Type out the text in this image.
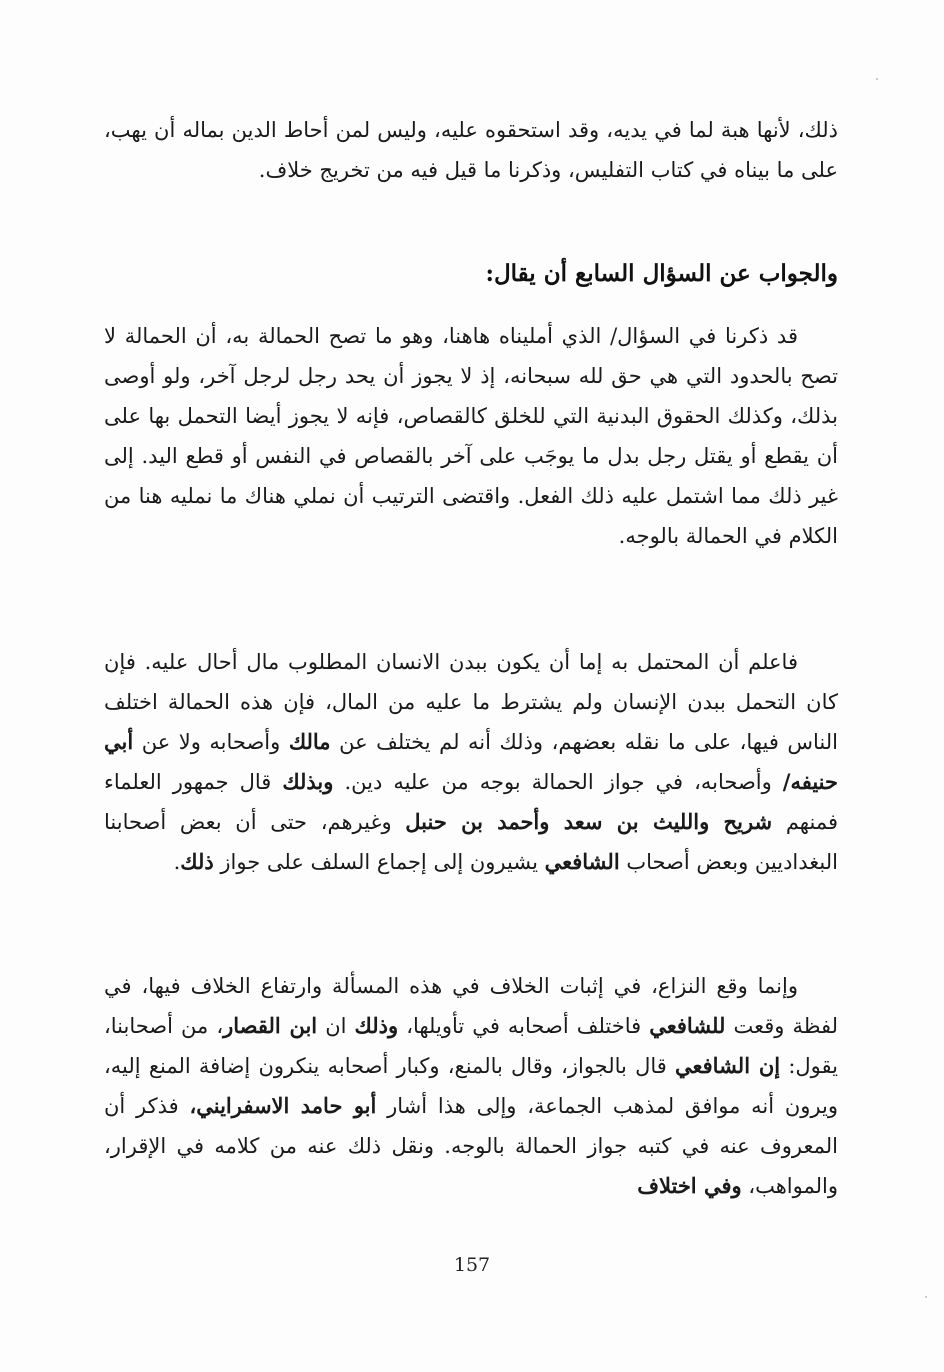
ذلك، لأنها هبة لما في يديه، وقد استحقوه عليه، وليس لمن أحاط الدين بماله أن يهب، على ما بيناه في كتاب التفليس، وذكرنا ما قيل فيه من تخريج خلاف.

والجواب عن السؤال السابع أن يقال:

قد ذكرنا في السؤال/ الذي أمليناه هاهنا، وهو ما تصح الحمالة به، أن الحمالة لا تصح بالحدود التي هي حق لله سبحانه، إذ لا يجوز أن يحد رجل لرجل آخر، ولو أوصى بذلك، وكذلك الحقوق البدنية التي للخلق كالقصاص، فإنه لا يجوز أيضا التحمل بها على أن يقطع أو يقتل رجل بدل ما يوجَب على آخر بالقصاص في النفس أو قطع اليد. إلى غير ذلك مما اشتمل عليه ذلك الفعل. واقتضى الترتيب أن نملي هناك ما نمليه هنا من الكلام في الحمالة بالوجه.

فاعلم أن المحتمل به إما أن يكون ببدن الانسان المطلوب مال أحال عليه. فإن كان التحمل ببدن الإنسان ولم يشترط ما عليه من المال، فإن هذه الحمالة اختلف الناس فيها، على ما نقله بعضهم، وذلك أنه لم يختلف عن مالك وأصحابه ولا عن أبي حنيفه/ وأصحابه، في جواز الحمالة بوجه من عليه دين. وبذلك قال جمهور العلماء فمنهم شريح والليث بن سعد وأحمد بن حنبل وغيرهم، حتى أن بعض أصحابنا البغداديين وبعض أصحاب الشافعي يشيرون إلى إجماع السلف على جواز ذلك.

وإنما وقع النزاع، في إثبات الخلاف في هذه المسألة وارتفاع الخلاف فيها، في لفظة وقعت للشافعي فاختلف أصحابه في تأويلها، وذلك ان ابن القصار، من أصحابنا، يقول: إن الشافعي قال بالجواز، وقال بالمنع، وكبار أصحابه ينكرون إضافة المنع إليه، ويرون أنه موافق لمذهب الجماعة، وإلى هذا أشار أبو حامد الاسفرايني، فذكر أن المعروف عنه في كتبه جواز الحمالة بالوجه. ونقل ذلك عنه من كلامه في الإقرار، والمواهب، وفي اختلاف

157
